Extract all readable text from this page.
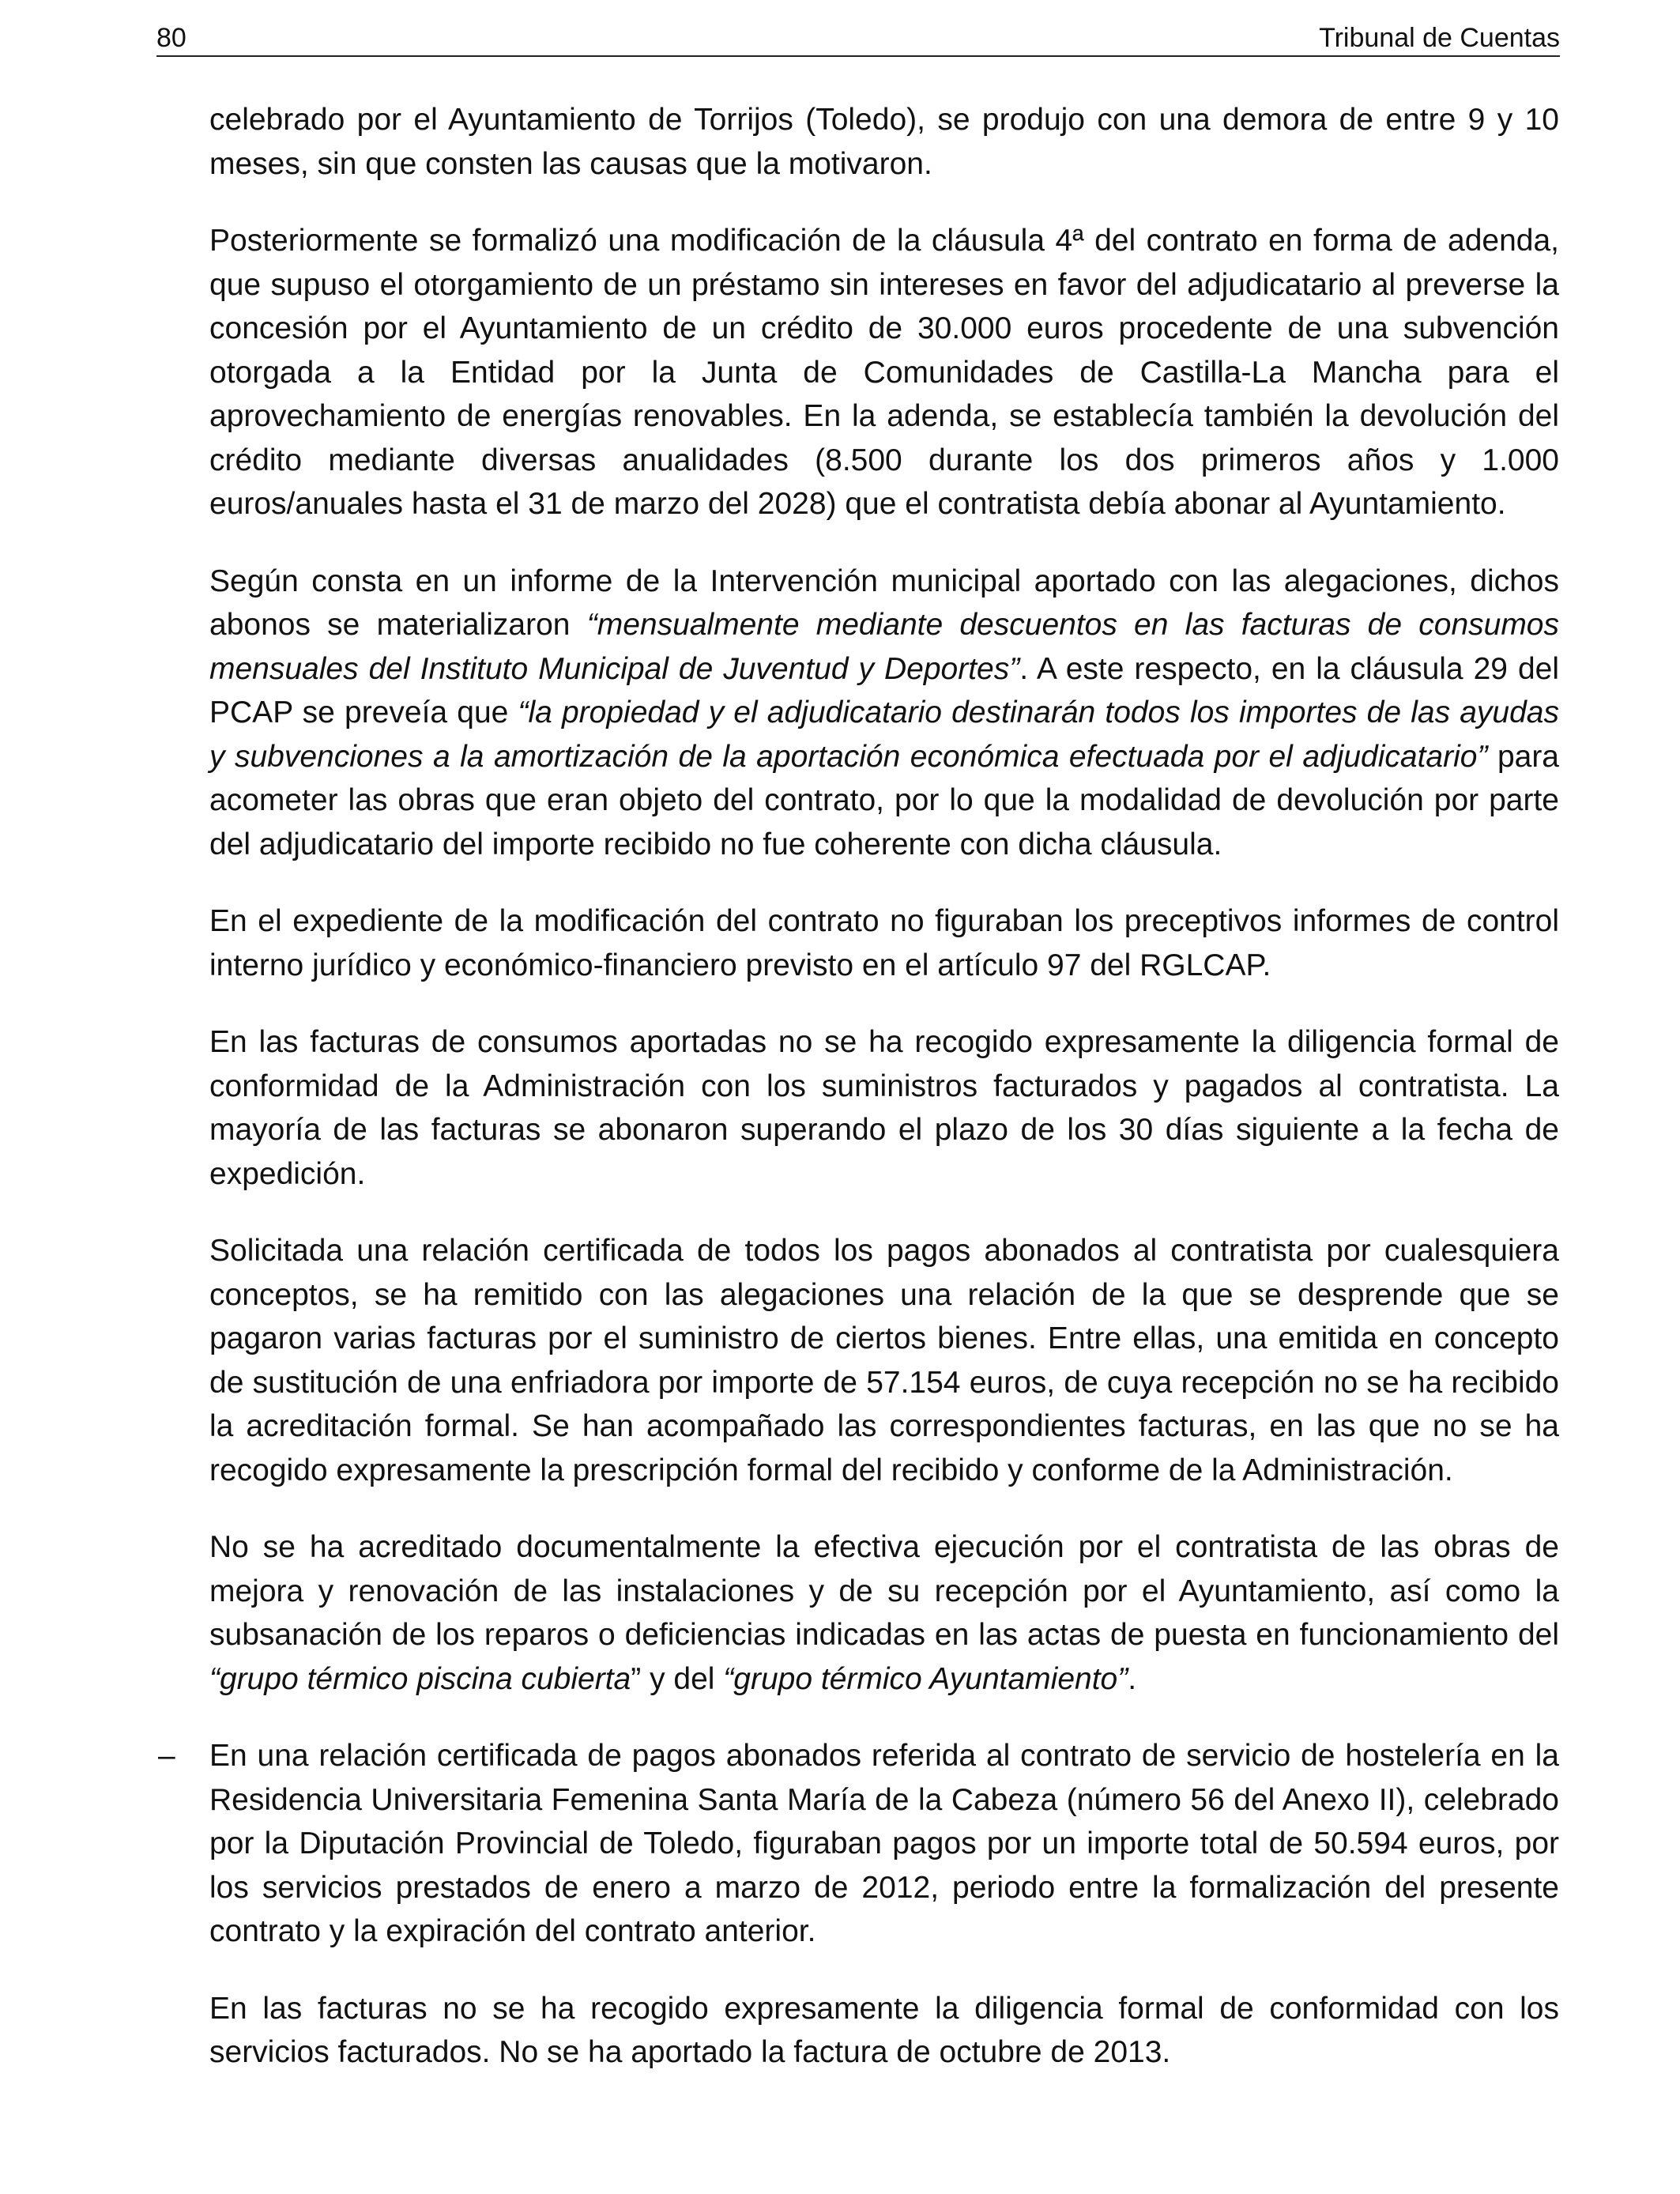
80	Tribunal de Cuentas

celebrado por el Ayuntamiento de Torrijos (Toledo), se produjo con una demora de entre 9 y 10 meses, sin que consten las causas que la motivaron.

Posteriormente se formalizó una modificación de la cláusula 4ª del contrato en forma de adenda, que supuso el otorgamiento de un préstamo sin intereses en favor del adjudicatario al preverse la concesión por el Ayuntamiento de un crédito de 30.000 euros procedente de una subvención otorgada a la Entidad por la Junta de Comunidades de Castilla-La Mancha para el aprovechamiento de energías renovables. En la adenda, se establecía también la devolución del crédito mediante diversas anualidades (8.500 durante los dos primeros años y 1.000 euros/anuales hasta el 31 de marzo del 2028) que el contratista debía abonar al Ayuntamiento.

Según consta en un informe de la Intervención municipal aportado con las alegaciones, dichos abonos se materializaron “mensualmente mediante descuentos en las facturas de consumos mensuales del Instituto Municipal de Juventud y Deportes”. A este respecto, en la cláusula 29 del PCAP se preveía que “la propiedad y el adjudicatario destinarán todos los importes de las ayudas y subvenciones a la amortización de la aportación económica efectuada por el adjudicatario” para acometer las obras que eran objeto del contrato, por lo que la modalidad de devolución por parte del adjudicatario del importe recibido no fue coherente con dicha cláusula.

En el expediente de la modificación del contrato no figuraban los preceptivos informes de control interno jurídico y económico-financiero previsto en el artículo 97 del RGLCAP.

En las facturas de consumos aportadas no se ha recogido expresamente la diligencia formal de conformidad de la Administración con los suministros facturados y pagados al contratista. La mayoría de las facturas se abonaron superando el plazo de los 30 días siguiente a la fecha de expedición.

Solicitada una relación certificada de todos los pagos abonados al contratista por cualesquiera conceptos, se ha remitido con las alegaciones una relación de la que se desprende que se pagaron varias facturas por el suministro de ciertos bienes. Entre ellas, una emitida en concepto de sustitución de una enfriadora por importe de 57.154 euros, de cuya recepción no se ha recibido la acreditación formal. Se han acompañado las correspondientes facturas, en las que no se ha recogido expresamente la prescripción formal del recibido y conforme de la Administración.

No se ha acreditado documentalmente la efectiva ejecución por el contratista de las obras de mejora y renovación de las instalaciones y de su recepción por el Ayuntamiento, así como la subsanación de los reparos o deficiencias indicadas en las actas de puesta en funcionamiento del “grupo térmico piscina cubierta” y del “grupo térmico Ayuntamiento”.

– En una relación certificada de pagos abonados referida al contrato de servicio de hostelería en la Residencia Universitaria Femenina Santa María de la Cabeza (número 56 del Anexo II), celebrado por la Diputación Provincial de Toledo, figuraban pagos por un importe total de 50.594 euros, por los servicios prestados de enero a marzo de 2012, periodo entre la formalización del presente contrato y la expiración del contrato anterior.

En las facturas no se ha recogido expresamente la diligencia formal de conformidad con los servicios facturados. No se ha aportado la factura de octubre de 2013.
